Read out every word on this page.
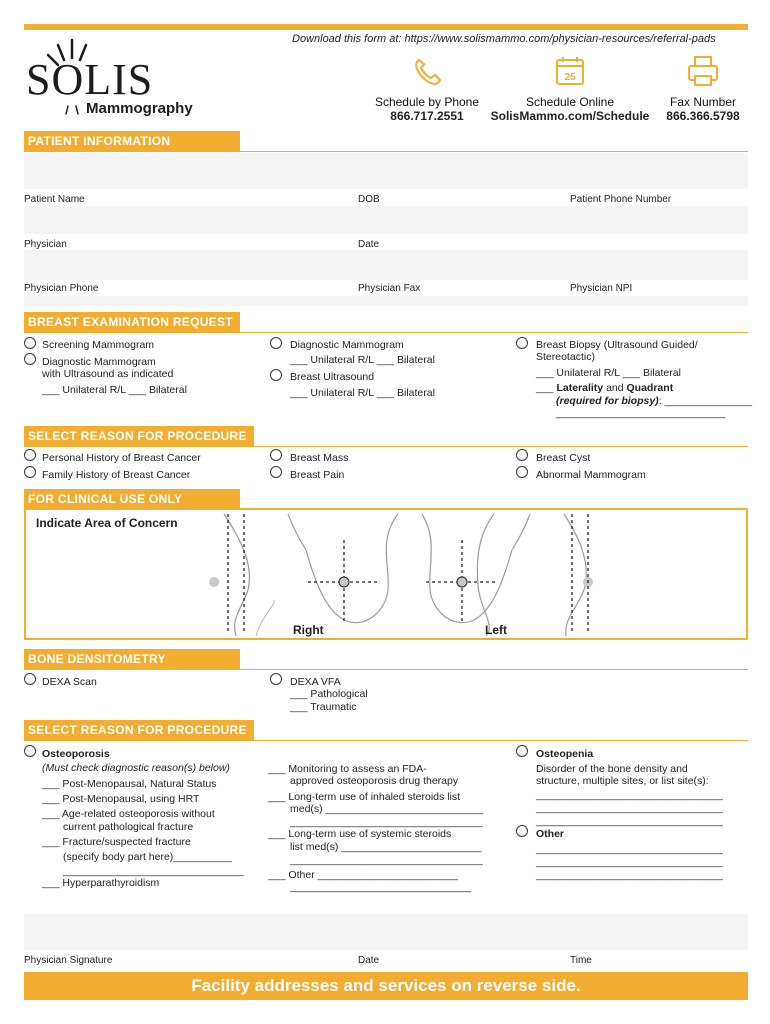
Download this form at: https://www.solismammo.com/physician-resources/referral-pads
SOLIS
Mammography	Schedule by Phone
866.717.2551
25
Schedule Online
SolisMammo.com/Schedule
Fax Number
866.366.5798
PATIENT INFORMATION
Patient Name	DOB	Patient Phone Number
Physician	Date
Physician Phone	Physician Fax	Physician NPI
BREAST EXAMINATION REQUEST
Screening Mammogram
Diagnostic Mammogram
with Ultrasound as indicated
___ Unilateral R/L ___ Bilateral
Diagnostic Mammogram
___ Unilateral R/L ___ Bilateral
Breast Ultrasound
___ Unilateral R/L ___ Bilateral
Breast Biopsy (Ultrasound Guided/
Stereotactic)
___ Unilateral R/L ___ Bilateral
___ Laterality and Quadrant
(required for biopsy): _______________
_____________________________
SELECT REASON FOR PROCEDURE
Personal History of Breast Cancer
Family History of Breast Cancer
Breast Mass
Breast Pain
Breast Cyst
Abnormal Mammogram
FOR CLINICAL USE ONLY
Indicate Area of Concern
Right	Left
BONE DENSITOMETRY
DEXA Scan	DEXA VFA
___ Pathological
___ Traumatic
SELECT REASON FOR PROCEDURE
Osteoporosis
(Must check diagnostic reason(s) below)
___ Post-Menopausal, Natural Status
___ Post-Menopausal, using HRT
___ Age-related osteoporosis without
current pathological fracture
___ Fracture/suspected fracture
(specify body part here)__________
_______________________________
___ Hyperparathyroidism
___ Monitoring to assess an FDA-
approved osteoporosis drug therapy
___ Long-term use of inhaled steroids list
med(s) ___________________________
_________________________________
___ Long-term use of systemic steroids
list med(s) ________________________
_________________________________
___ Other ________________________
_______________________________
Osteopenia
Disorder of the bone density and
structure, multiple sites, or list site(s):
________________________________
________________________________
________________________________
Other
________________________________
________________________________
________________________________
Physician Signature	Date	Time
Facility addresses and services on reverse side.
